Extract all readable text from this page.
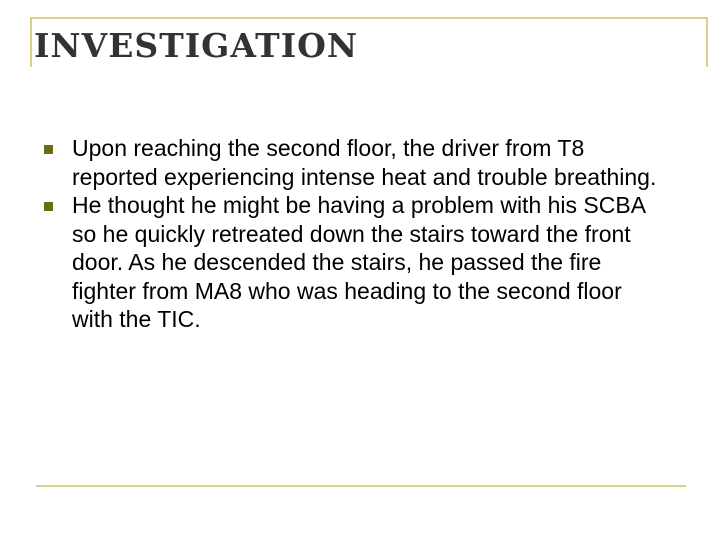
INVESTIGATION
Upon reaching the second floor, the driver from T8 reported experiencing intense heat and trouble breathing.
He thought he might be having a problem with his SCBA so he quickly retreated down the stairs toward the front door. As he descended the stairs, he passed the fire fighter from MA8 who was heading to the second floor with the TIC.
